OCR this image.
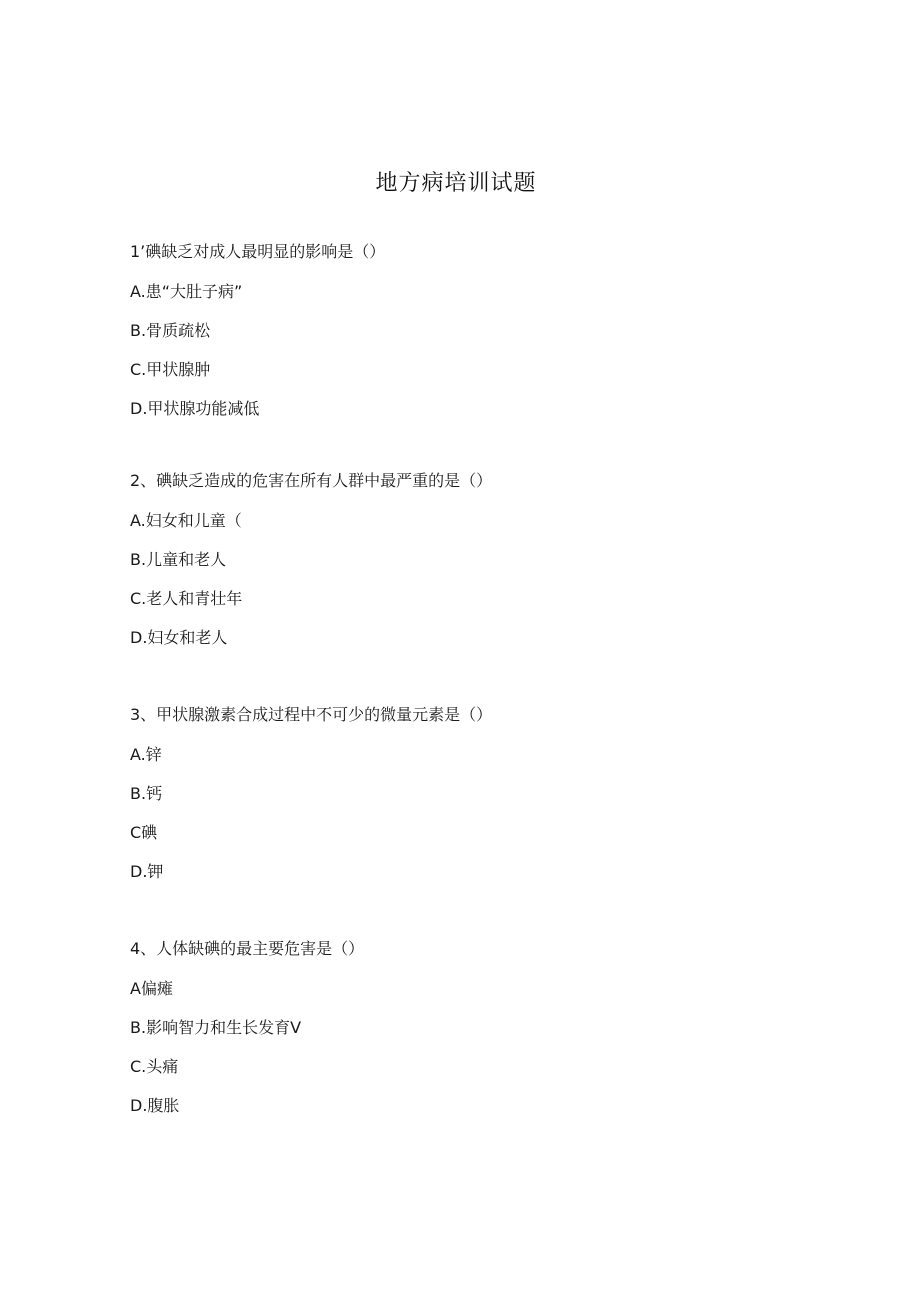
地方病培训试题
1’碘缺乏对成人最明显的影响是（）
A.患“大肚子病”
B.骨质疏松
C.甲状腺肿
D.甲状腺功能减低
2、碘缺乏造成的危害在所有人群中最严重的是（）
A.妇女和儿童（
B.儿童和老人
C.老人和青壮年
D.妇女和老人
3、甲状腺激素合成过程中不可少的微量元素是（）
A.锌
B.钙
C碘
D.钾
4、人体缺碘的最主要危害是（）
A偏瘫
B.影响智力和生长发育V
C.头痛
D.腹胀
